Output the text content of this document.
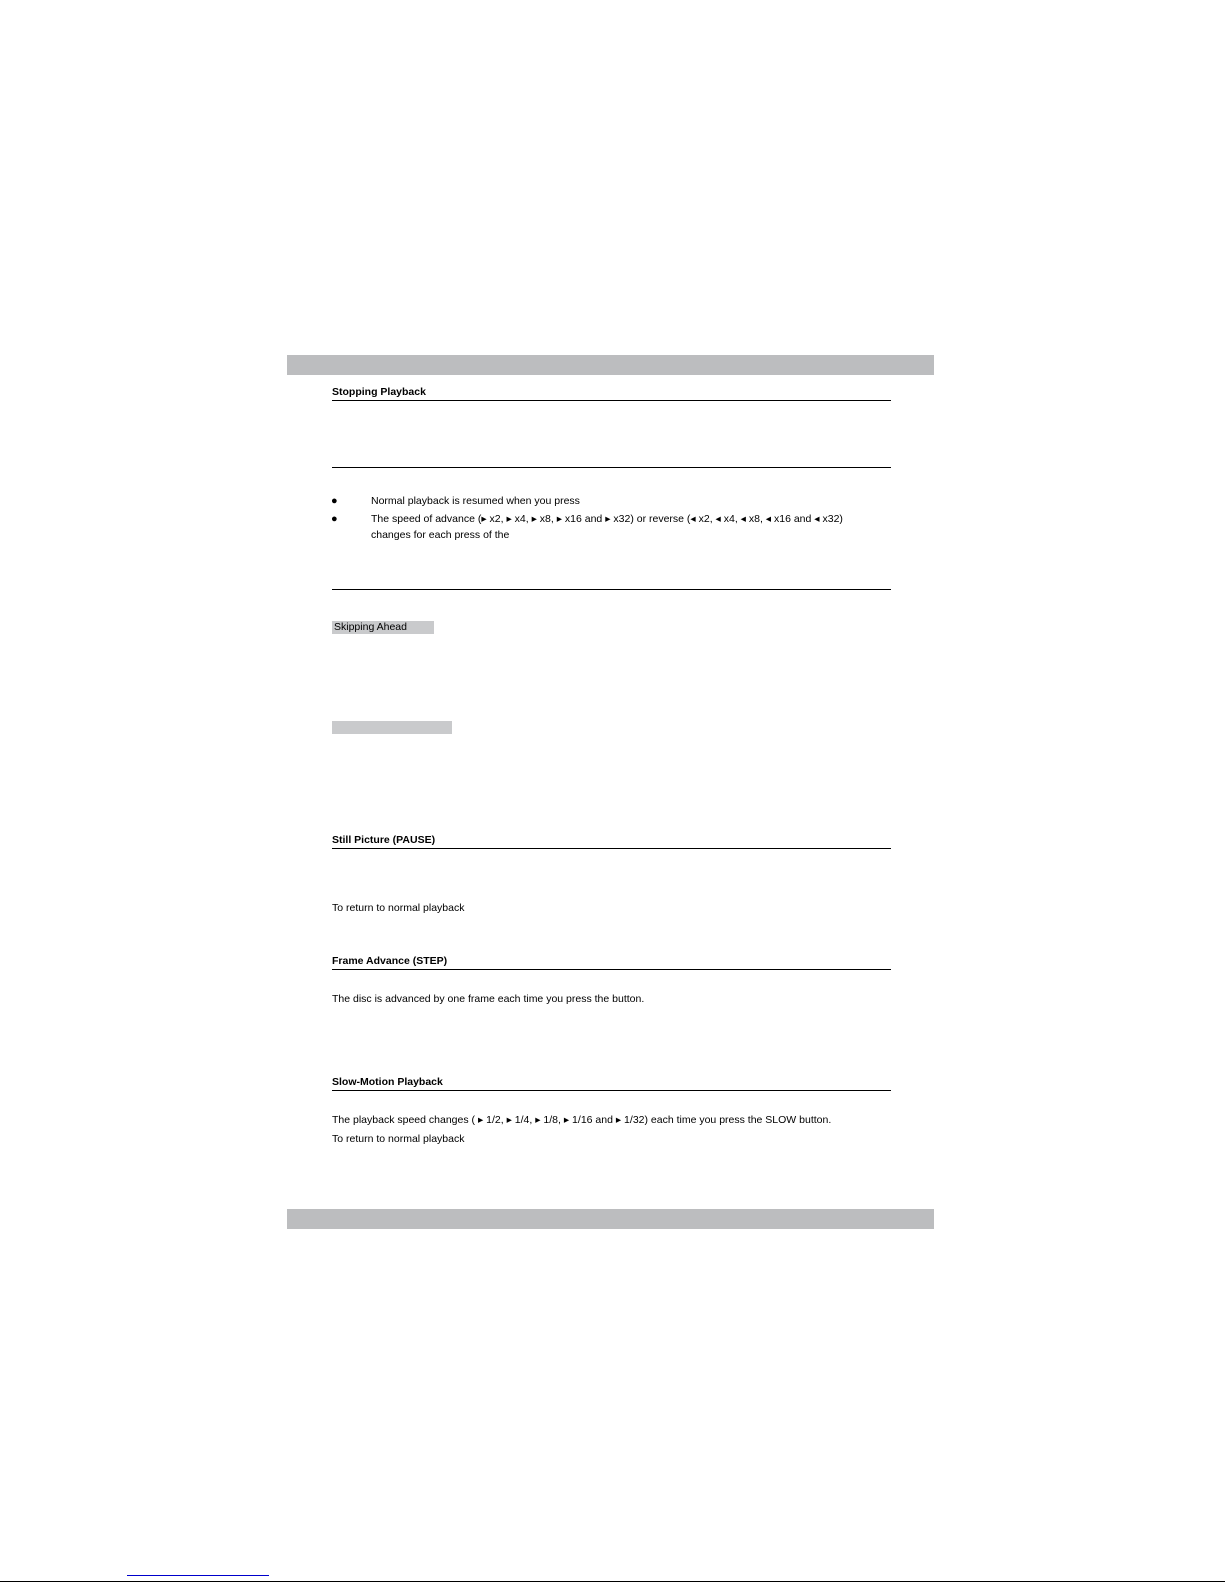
Stopping Playback
●	Normal playback is resumed when you press
●	The speed of advance (▸ x2, ▸ x4, ▸ x8, ▸ x16 and ▸ x32) or reverse (◂ x2, ◂ x4, ◂ x8, ◂ x16 and ◂ x32)
changes for each press of the
Skipping Ahead
Still Picture (PAUSE)
To return to normal playback
Frame Advance (STEP)
The disc is advanced by one frame each time you press the button.
Slow-Motion Playback
The playback speed changes ( ▸ 1/2, ▸ 1/4, ▸ 1/8, ▸ 1/16 and ▸ 1/32) each time you press the SLOW button.
To return to normal playback
